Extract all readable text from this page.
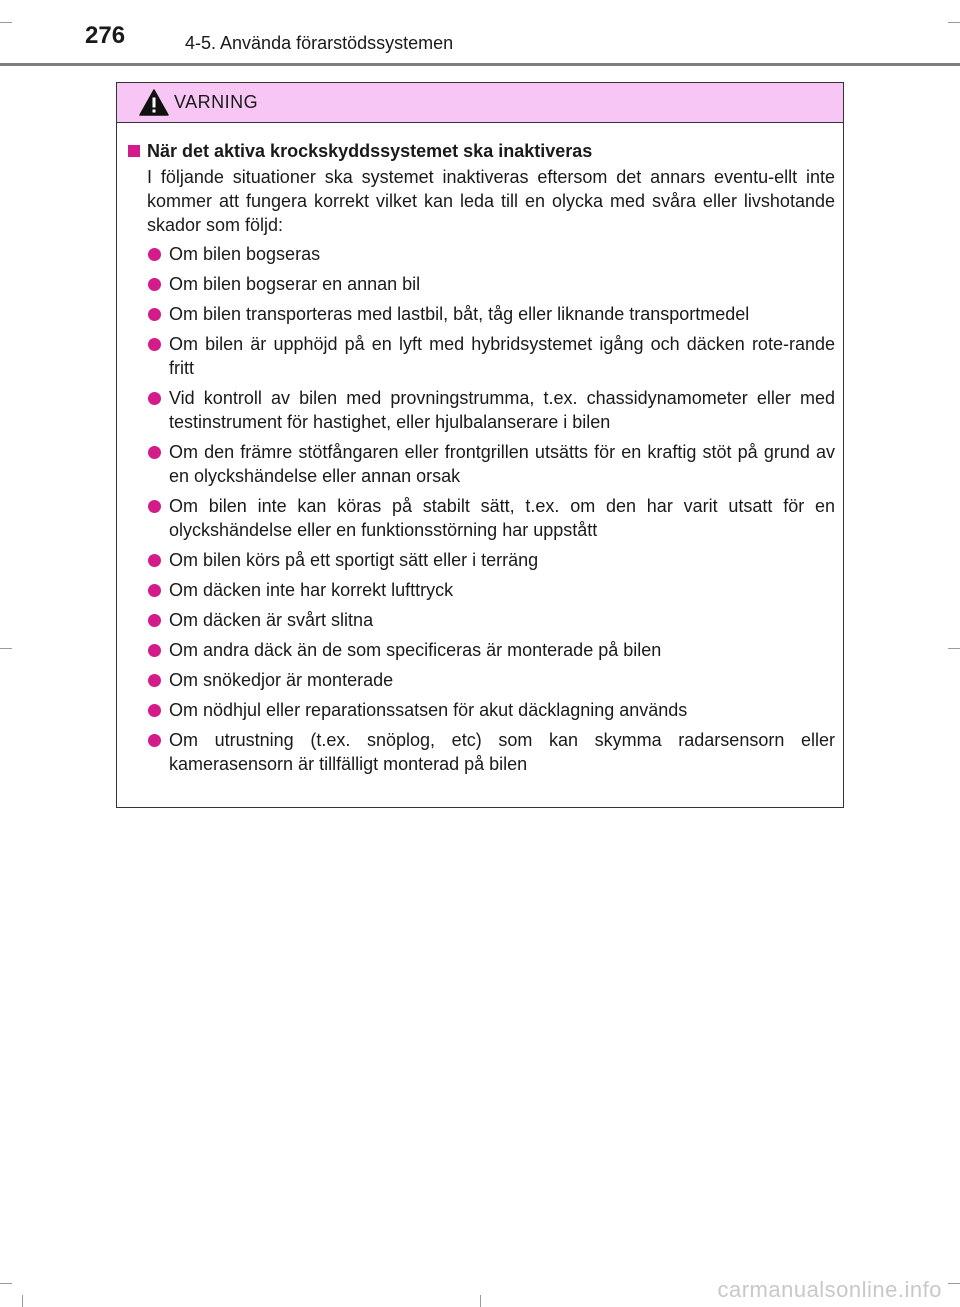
276	4-5. Använda förarstödssystemen
VARNING

När det aktiva krockskyddssystemet ska inaktiveras

I följande situationer ska systemet inaktiveras eftersom det annars eventu-ellt inte kommer att fungera korrekt vilket kan leda till en olycka med svåra eller livshotande skador som följd:

Om bilen bogseras
Om bilen bogserar en annan bil
Om bilen transporteras med lastbil, båt, tåg eller liknande transportmedel
Om bilen är upphöjd på en lyft med hybridsystemet igång och däcken rote-rande fritt
Vid kontroll av bilen med provningstrumma, t.ex. chassidynamometer eller med testinstrument för hastighet, eller hjulbalanserare i bilen
Om den främre stötfångaren eller frontgrillen utsätts för en kraftig stöt på grund av en olyckshändelse eller annan orsak
Om bilen inte kan köras på stabilt sätt, t.ex. om den har varit utsatt för en olyckshändelse eller en funktionsstörning har uppstått
Om bilen körs på ett sportigt sätt eller i terräng
Om däcken inte har korrekt lufttryck
Om däcken är svårt slitna
Om andra däck än de som specificeras är monterade på bilen
Om snökedjor är monterade
Om nödhjul eller reparationssatsen för akut däcklagning används
Om utrustning (t.ex. snöplog, etc) som kan skymma radarsensorn eller kamerasensorn är tillfälligt monterad på bilen
carmanualsonline.info
